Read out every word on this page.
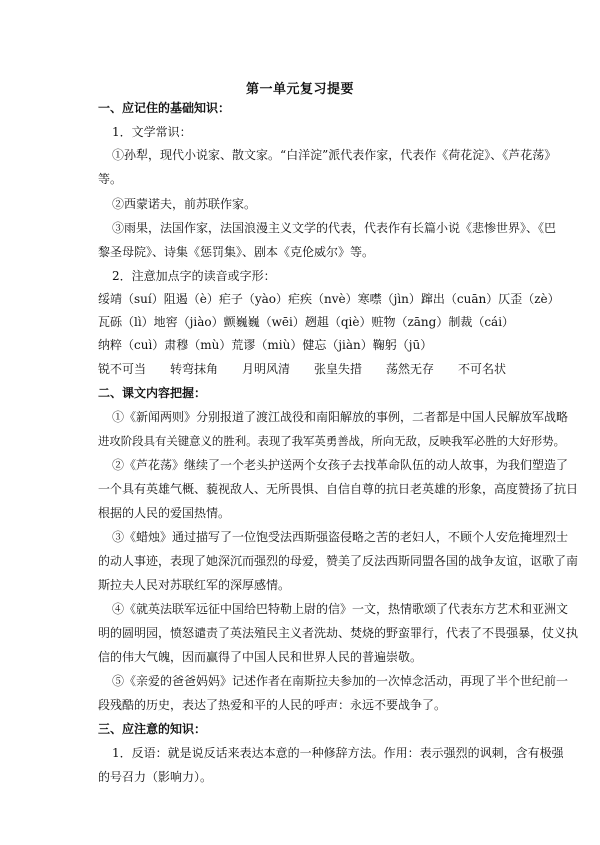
第一单元复习提要
一、应记住的基础知识：
1．文学常识：
①孙犁，现代小说家、散文家。“白洋淀”派代表作家，代表作《荷花淀》、《芦花荡》
等。
②西蒙诺夫，前苏联作家。
③雨果，法国作家，法国浪漫主义文学的代表，代表作有长篇小说《悲惨世界》、《巴
黎圣母院》、诗集《惩罚集》、剧本《克伦威尔》等。
2．注意加点字的读音或字形：
绥靖（suí）阻遏（è）疟子（yào）疟疾（nvè）寒噤（jìn）蹿出（cuān）仄歪（zè）
瓦砾（lì）地窖（jiào）颤巍巍（wēi）趔趄（qiè）赃物（zāng）制裁（cái）
纳粹（cuì）肃穆（mù）荒谬（miù）健忘（jiàn）鞠躬（jū）
锐不可当	转弯抹角	月明风清	张皇失措	荡然无存	不可名状
二、课文内容把握：
①《新闻两则》分别报道了渡江战役和南阳解放的事例，二者都是中国人民解放军战略
进攻阶段具有关键意义的胜利。表现了我军英勇善战，所向无敌，反映我军必胜的大好形势。
②《芦花荡》继续了一个老头护送两个女孩子去找革命队伍的动人故事，为我们塑造了
一个具有英雄气概、藐视敌人、无所畏惧、自信自尊的抗日老英雄的形象，高度赞扬了抗日
根据的人民的爱国热情。
③《蜡烛》通过描写了一位饱受法西斯强盗侵略之苦的老妇人，不顾个人安危掩埋烈士
的动人事迹，表现了她深沉而强烈的母爱，赞美了反法西斯同盟各国的战争友谊，讴歌了南
斯拉夫人民对苏联红军的深厚感情。
④《就英法联军远征中国给巴特勒上尉的信》一文，热情歌颂了代表东方艺术和亚洲文
明的圆明园，愤怒谴责了英法殖民主义者洗劫、焚烧的野蛮罪行，代表了不畏强暴，仗义执
信的伟大气魄，因而赢得了中国人民和世界人民的普遍崇敬。
⑤《亲爱的爸爸妈妈》记述作者在南斯拉夫参加的一次悼念活动，再现了半个世纪前一
段残酷的历史，表达了热爱和平的人民的呼声：永远不要战争了。
三、应注意的知识：
1．反语：就是说反话来表达本意的一种修辞方法。作用：表示强烈的讽刺，含有极强
的号召力（影响力）。
